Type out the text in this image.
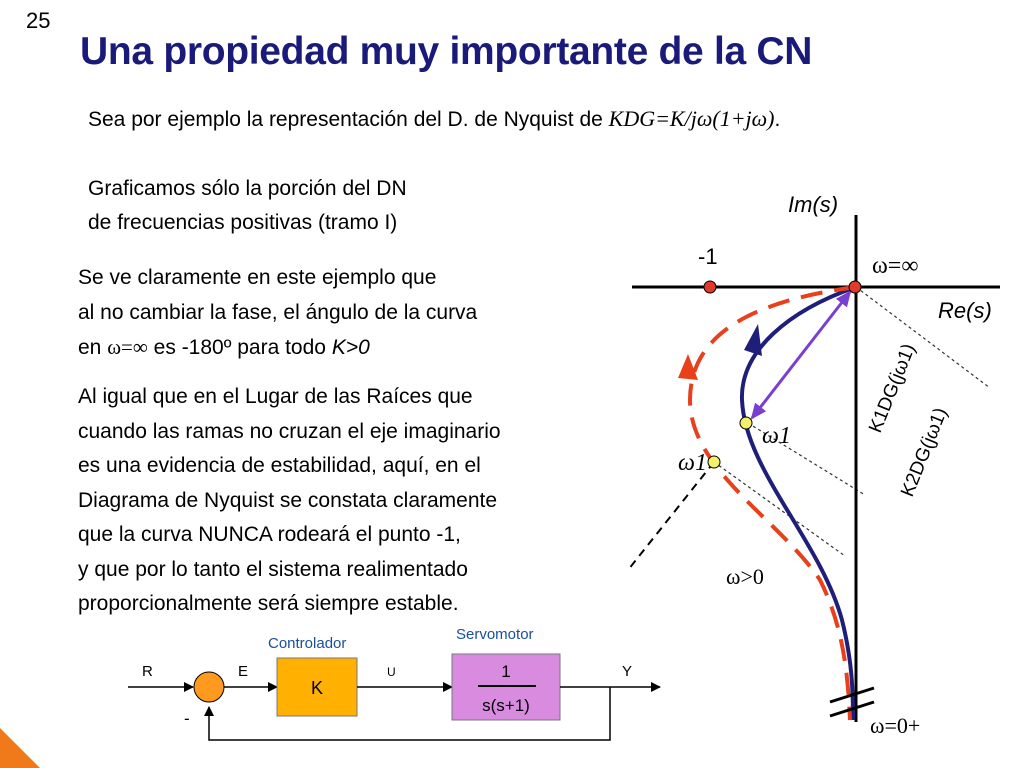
25
Una propiedad muy importante de la CN
Sea por ejemplo la representación del D. de Nyquist de KDG=K/jω(1+jω).
Graficamos sólo la porción del DN
de frecuencias positivas (tramo I)
Se ve claramente en este ejemplo que
al no cambiar la fase, el ángulo de la curva
en ω=∞ es -180º para todo K>0
Al igual que en el Lugar de las Raíces que
cuando las ramas no cruzan el eje imaginario
es una evidencia de estabilidad, aquí, en el
Diagrama de Nyquist se constata claramente
que la curva NUNCA rodeará el punto -1,
y que por lo tanto el sistema realimentado
proporcionalmente será siempre estable.
Im(s)
Re(s)
-1	ω=∞
ω1
ω1
ω>0
ω=0+
K1DG(jω1)
K2DG(jω1)
Controlador
Servomotor
R	E	U	Y
-
K
1
s(s+1)
